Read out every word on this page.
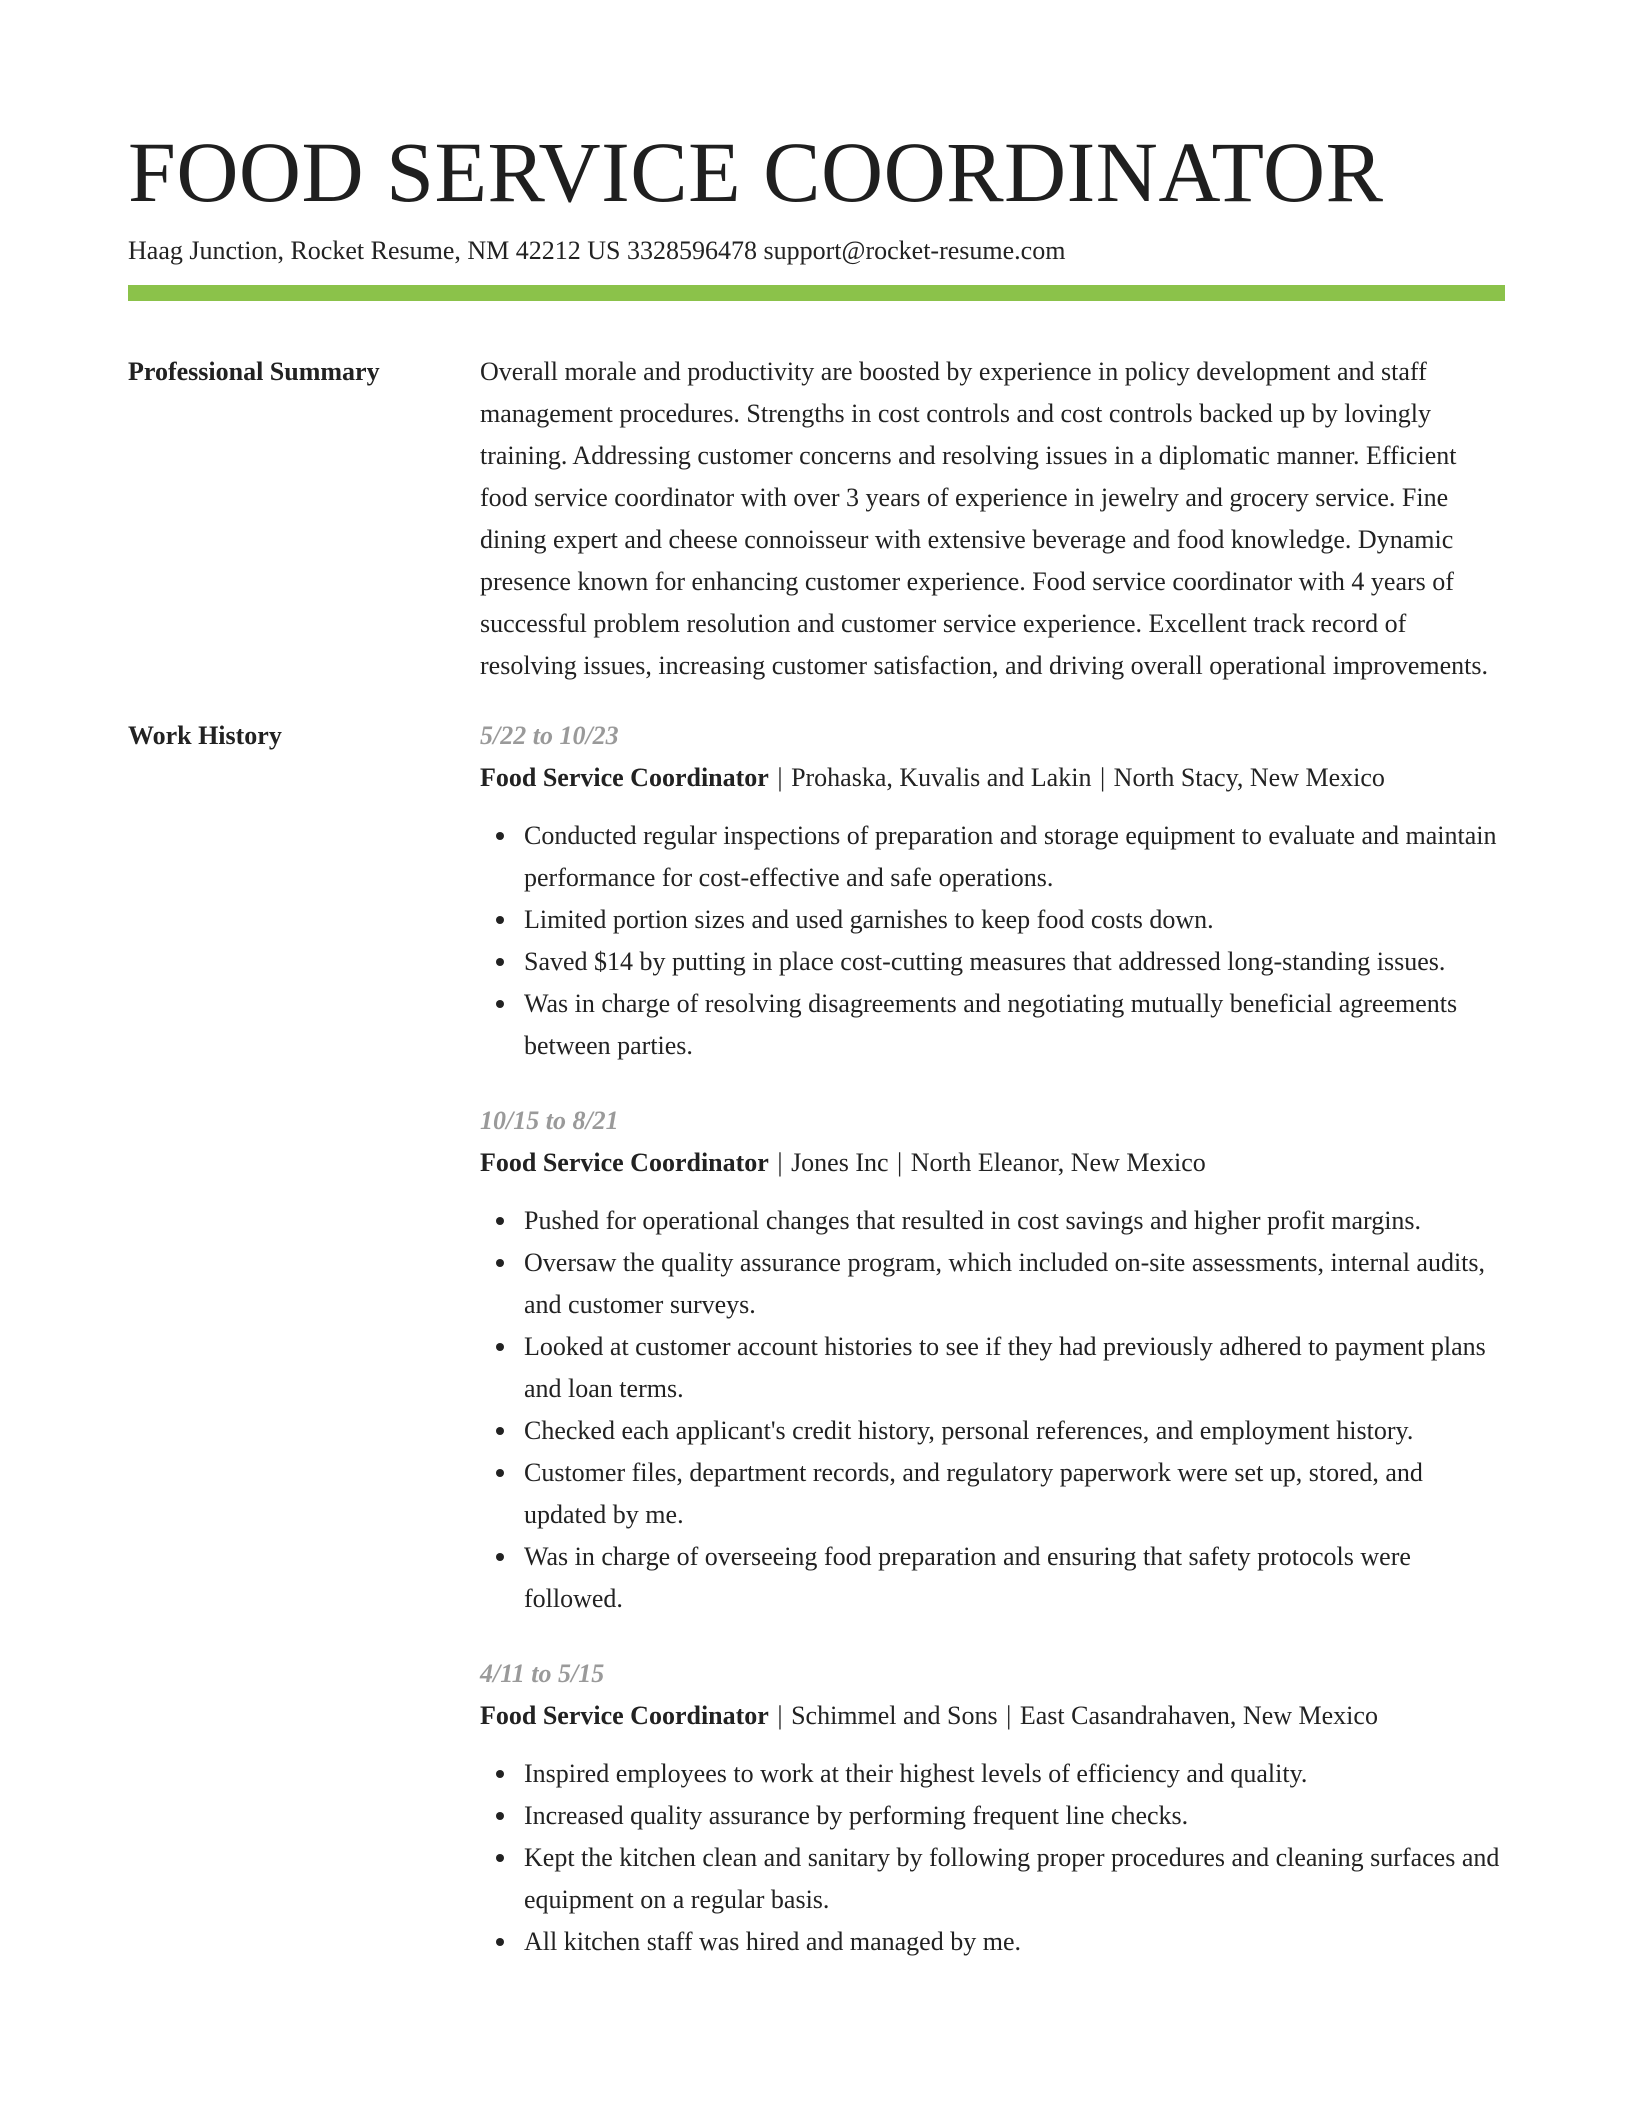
FOOD SERVICE COORDINATOR
Haag Junction, Rocket Resume, NM 42212 US 3328596478 support@rocket-resume.com
Professional Summary	Overall morale and productivity are boosted by experience in policy development and staff management procedures. Strengths in cost controls and cost controls backed up by lovingly training. Addressing customer concerns and resolving issues in a diplomatic manner. Efficient food service coordinator with over 3 years of experience in jewelry and grocery service. Fine dining expert and cheese connoisseur with extensive beverage and food knowledge. Dynamic presence known for enhancing customer experience. Food service coordinator with 4 years of successful problem resolution and customer service experience. Excellent track record of resolving issues, increasing customer satisfaction, and driving overall operational improvements.
Work History	5/22 to 10/23
Food Service Coordinator | Prohaska, Kuvalis and Lakin | North Stacy, New Mexico
Conducted regular inspections of preparation and storage equipment to evaluate and maintain performance for cost-effective and safe operations.
Limited portion sizes and used garnishes to keep food costs down.
Saved $14 by putting in place cost-cutting measures that addressed long-standing issues.
Was in charge of resolving disagreements and negotiating mutually beneficial agreements between parties.
10/15 to 8/21
Food Service Coordinator | Jones Inc | North Eleanor, New Mexico
Pushed for operational changes that resulted in cost savings and higher profit margins.
Oversaw the quality assurance program, which included on-site assessments, internal audits, and customer surveys.
Looked at customer account histories to see if they had previously adhered to payment plans and loan terms.
Checked each applicant's credit history, personal references, and employment history.
Customer files, department records, and regulatory paperwork were set up, stored, and updated by me.
Was in charge of overseeing food preparation and ensuring that safety protocols were followed.
4/11 to 5/15
Food Service Coordinator | Schimmel and Sons | East Casandrahaven, New Mexico
Inspired employees to work at their highest levels of efficiency and quality.
Increased quality assurance by performing frequent line checks.
Kept the kitchen clean and sanitary by following proper procedures and cleaning surfaces and equipment on a regular basis.
All kitchen staff was hired and managed by me.
